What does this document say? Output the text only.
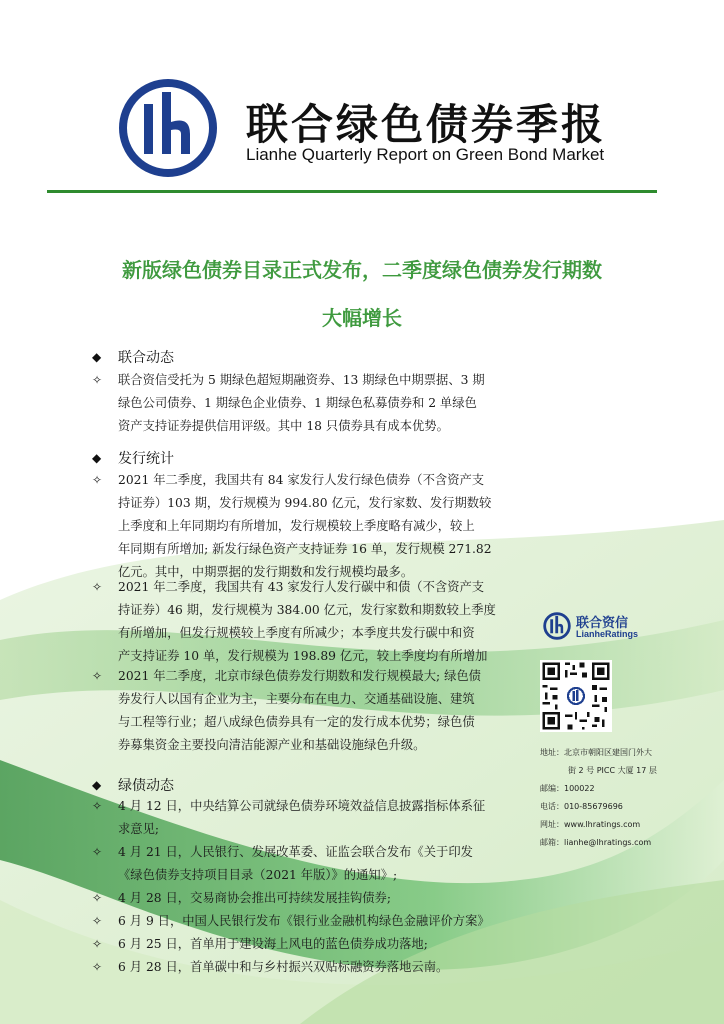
联合绿色债券季报
Lianhe Quarterly Report on Green Bond Market
新版绿色债券目录正式发布，二季度绿色债券发行期数
大幅增长
◆	联合动态
✧	联合资信受托为 5 期绿色超短期融资券、13 期绿色中期票据、3 期
绿色公司债券、1 期绿色企业债券、1 期绿色私募债券和 2 单绿色
资产支持证券提供信用评级。其中 18 只债券具有成本优势。
◆	发行统计
✧	2021 年二季度，我国共有 84 家发行人发行绿色债券（不含资产支
持证券）103 期，发行规模为 994.80 亿元，发行家数、发行期数较
上季度和上年同期均有所增加，发行规模较上季度略有减少，较上
年同期有所增加; 新发行绿色资产支持证券 16 单，发行规模 271.82
亿元。其中，中期票据的发行期数和发行规模均最多。
✧	2021 年二季度，我国共有 43 家发行人发行碳中和债（不含资产支
持证券）46 期，发行规模为 384.00 亿元，发行家数和期数较上季度
有所增加，但发行规模较上季度有所减少；本季度共发行碳中和资
产支持证券 10 单，发行规模为 198.89 亿元，较上季度均有所增加
✧	2021 年二季度，北京市绿色债券发行期数和发行规模最大; 绿色债
券发行人以国有企业为主，主要分布在电力、交通基础设施、建筑
与工程等行业；超八成绿色债券具有一定的发行成本优势；绿色债
券募集资金主要投向清洁能源产业和基础设施绿色升级。
◆	绿债动态
✧	4 月 12 日，中央结算公司就绿色债券环境效益信息披露指标体系征
求意见;
✧	4 月 21 日，人民银行、发展改革委、证监会联合发布《关于印发
《绿色债券支持项目目录（2021 年版）》的通知》;
✧	4 月 28 日，交易商协会推出可持续发展挂钩债券;
✧	6 月 9 日，中国人民银行发布《银行业金融机构绿色金融评价方案》
✧	6 月 25 日，首单用于建设海上风电的蓝色债券成功落地;
✧	6 月 28 日，首单碳中和与乡村振兴双贴标融资券落地云南。
联合资信
LianheRatings
地址：北京市朝阳区建国门外大
街 2 号 PICC 大厦 17 层
邮编：100022
电话：010-85679696
网址：www.lhratings.com
邮箱：lianhe@lhratings.com
